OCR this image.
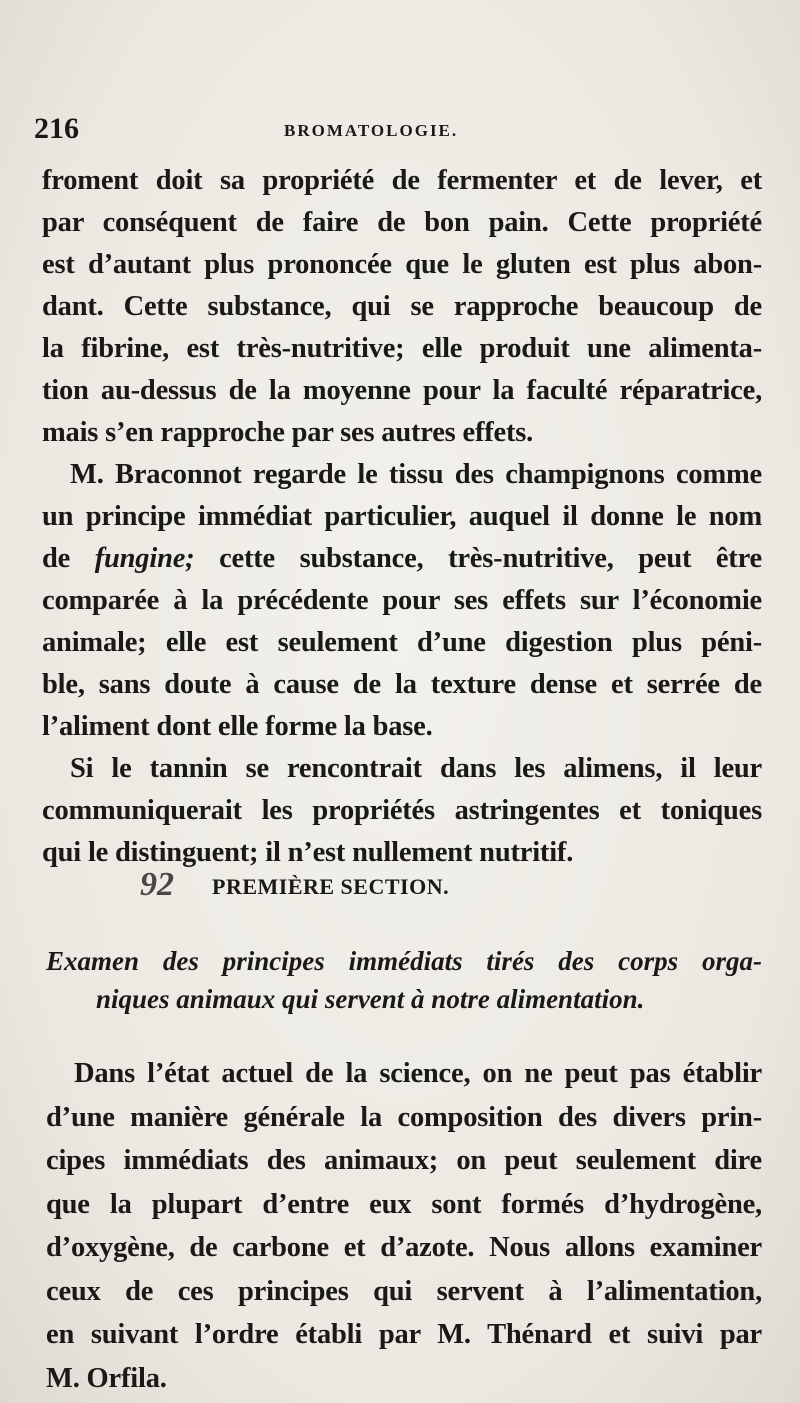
216	BROMATOLOGIE.
froment doit sa propriété de fermenter et de lever, et
par conséquent de faire de bon pain. Cette propriété
est d’autant plus prononcée que le gluten est plus abon-
dant. Cette substance, qui se rapproche beaucoup de
la fibrine, est très-nutritive; elle produit une alimenta-
tion au-dessus de la moyenne pour la faculté réparatrice,
mais s’en rapproche par ses autres effets.
M. Braconnot regarde le tissu des champignons comme
un principe immédiat particulier, auquel il donne le nom
de fungine; cette substance, très-nutritive, peut être
comparée à la précédente pour ses effets sur l’économie
animale; elle est seulement d’une digestion plus péni-
ble, sans doute à cause de la texture dense et serrée de
l’aliment dont elle forme la base.
Si le tannin se rencontrait dans les alimens, il leur
communiquerait les propriétés astringentes et toniques
qui le distinguent; il n’est nullement nutritif.
92 PREMIÈRE SECTION.
Examen des principes immédiats tirés des corps orga-
niques animaux qui servent à notre alimentation.
Dans l’état actuel de la science, on ne peut pas établir
d’une manière générale la composition des divers prin-
cipes immédiats des animaux; on peut seulement dire
que la plupart d’entre eux sont formés d’hydrogène,
d’oxygène, de carbone et d’azote. Nous allons examiner
ceux de ces principes qui servent à l’alimentation,
en suivant l’ordre établi par M. Thénard et suivi par
M. Orfila.
